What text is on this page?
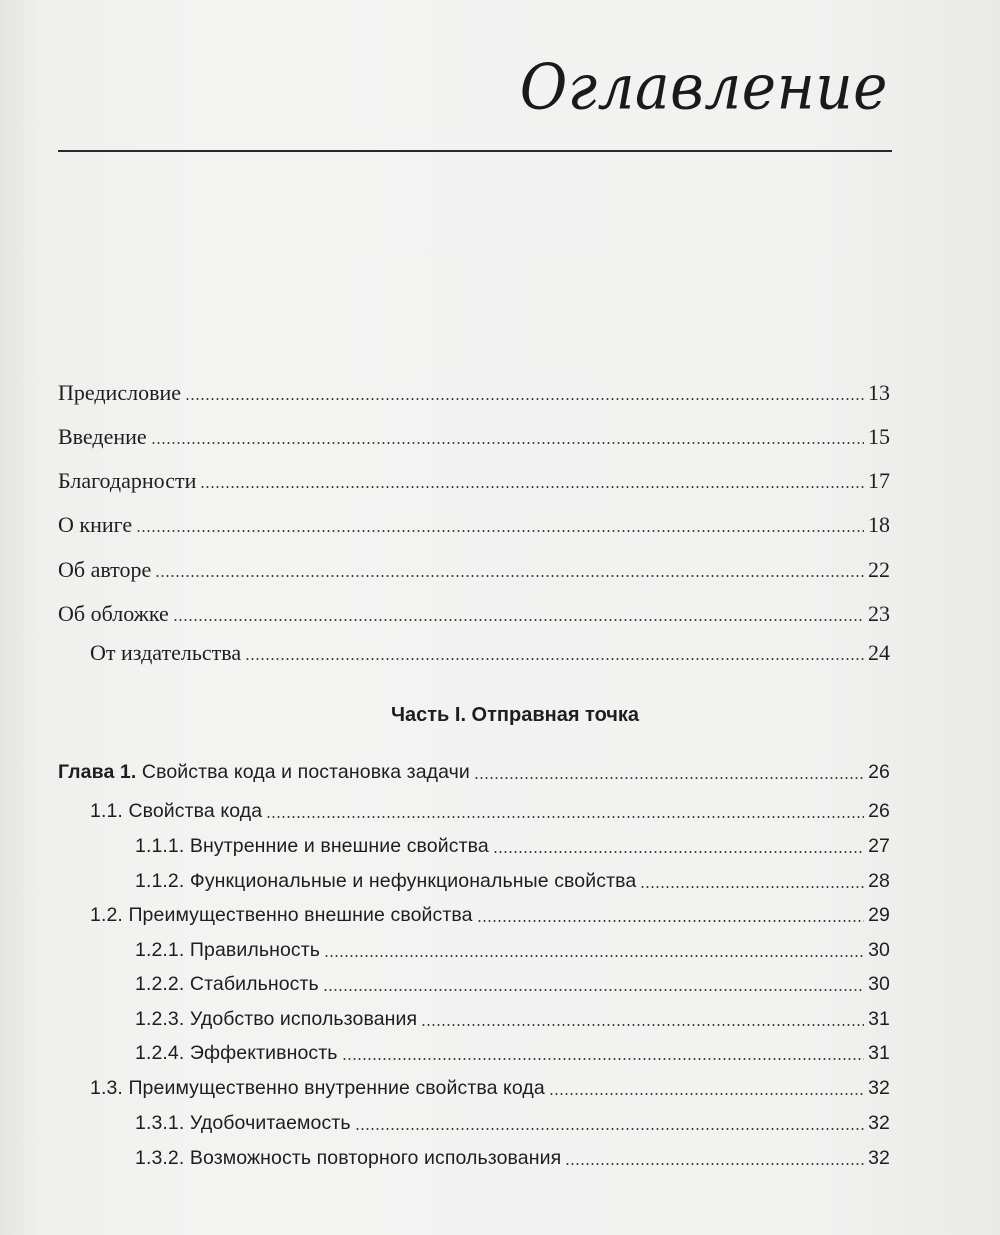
Оглавление
Предисловие	13
Введение	15
Благодарности	17
О книге	18
Об авторе	22
Об обложке	23
От издательства	24
Часть I. Отправная точка
Глава 1. Свойства кода и постановка задачи	26
1.1. Свойства кода	26
1.1.1. Внутренние и внешние свойства	27
1.1.2. Функциональные и нефункциональные свойства	28
1.2. Преимущественно внешние свойства	29
1.2.1. Правильность	30
1.2.2. Стабильность	30
1.2.3. Удобство использования	31
1.2.4. Эффективность	31
1.3. Преимущественно внутренние свойства кода	32
1.3.1. Удобочитаемость	32
1.3.2. Возможность повторного использования	32
